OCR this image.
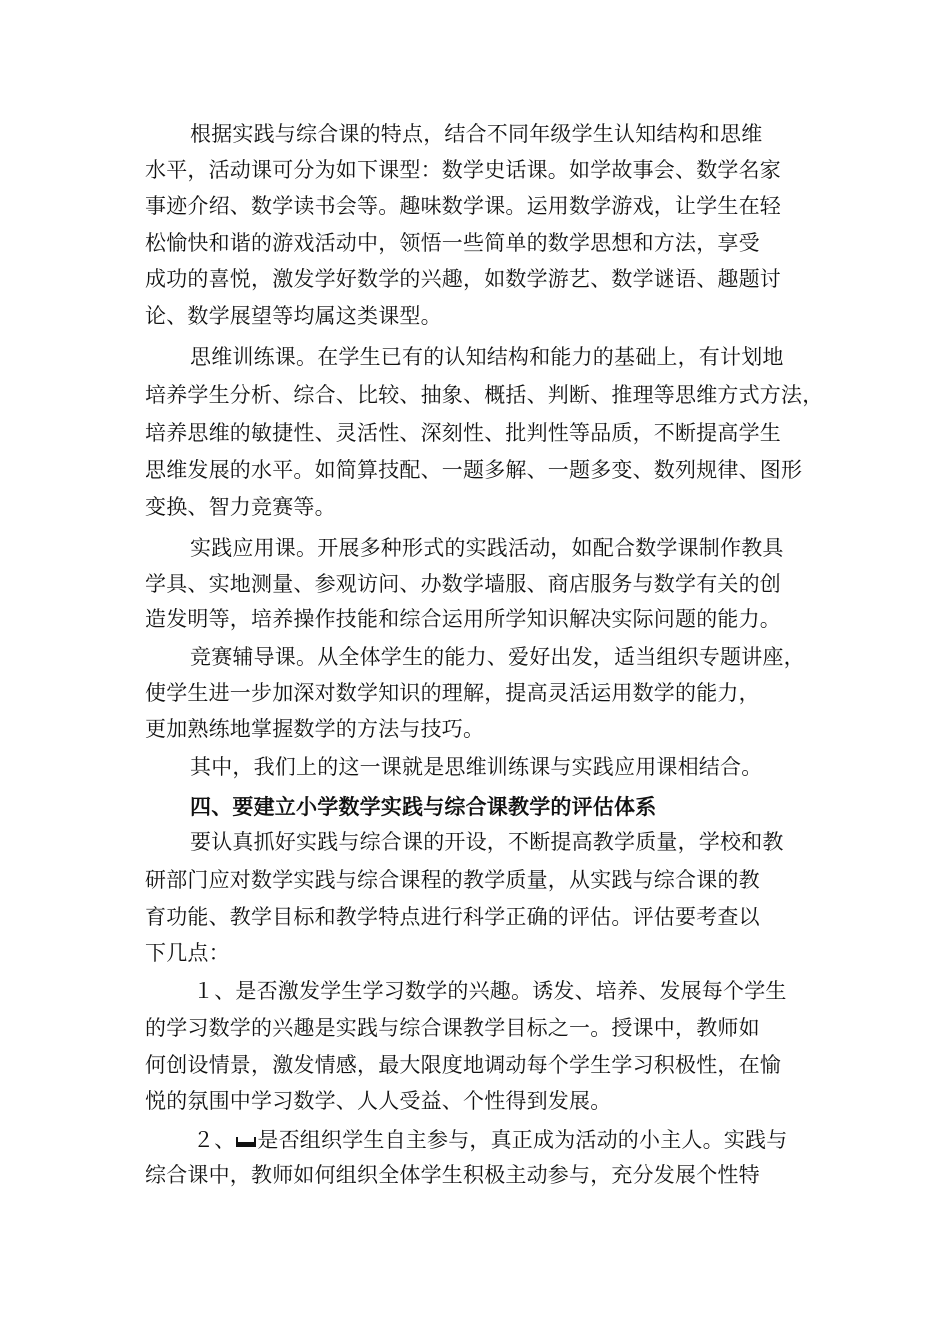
根据实践与综合课的特点，结合不同年级学生认知结构和思维
水平，活动课可分为如下课型：数学史话课。如学故事会、数学名家
事迹介绍、数学读书会等。趣味数学课。运用数学游戏，让学生在轻
松愉快和谐的游戏活动中，领悟一些简单的数学思想和方法，享受
成功的喜悦，激发学好数学的兴趣，如数学游艺、数学谜语、趣题讨
论、数学展望等均属这类课型。
思维训练课。在学生已有的认知结构和能力的基础上，有计划地
培养学生分析、综合、比较、抽象、概括、判断、推理等思维方式方法，
培养思维的敏捷性、灵活性、深刻性、批判性等品质，不断提高学生
思维发展的水平。如简算技配、一题多解、一题多变、数列规律、图形
变换、智力竞赛等。
实践应用课。开展多种形式的实践活动，如配合数学课制作教具
学具、实地测量、参观访问、办数学墙服、商店服务与数学有关的创
造发明等，培养操作技能和综合运用所学知识解决实际问题的能力。
竞赛辅导课。从全体学生的能力、爱好出发，适当组织专题讲座，
使学生进一步加深对数学知识的理解，提高灵活运用数学的能力，
更加熟练地掌握数学的方法与技巧。
其中，我们上的这一课就是思维训练课与实践应用课相结合。
四、要建立小学数学实践与综合课教学的评估体系
要认真抓好实践与综合课的开设，不断提高教学质量，学校和教
研部门应对数学实践与综合课程的教学质量，从实践与综合课的教
育功能、教学目标和教学特点进行科学正确的评估。评估要考查以
下几点：
１、是否激发学生学习数学的兴趣。诱发、培养、发展每个学生
的学习数学的兴趣是实践与综合课教学目标之一。授课中，教师如
何创设情景，激发情感，最大限度地调动每个学生学习积极性，在愉
悦的氛围中学习数学、人人受益、个性得到发展。
２、 是否组织学生自主参与，真正成为活动的小主人。实践与
综合课中，教师如何组织全体学生积极主动参与，充分发展个性特
